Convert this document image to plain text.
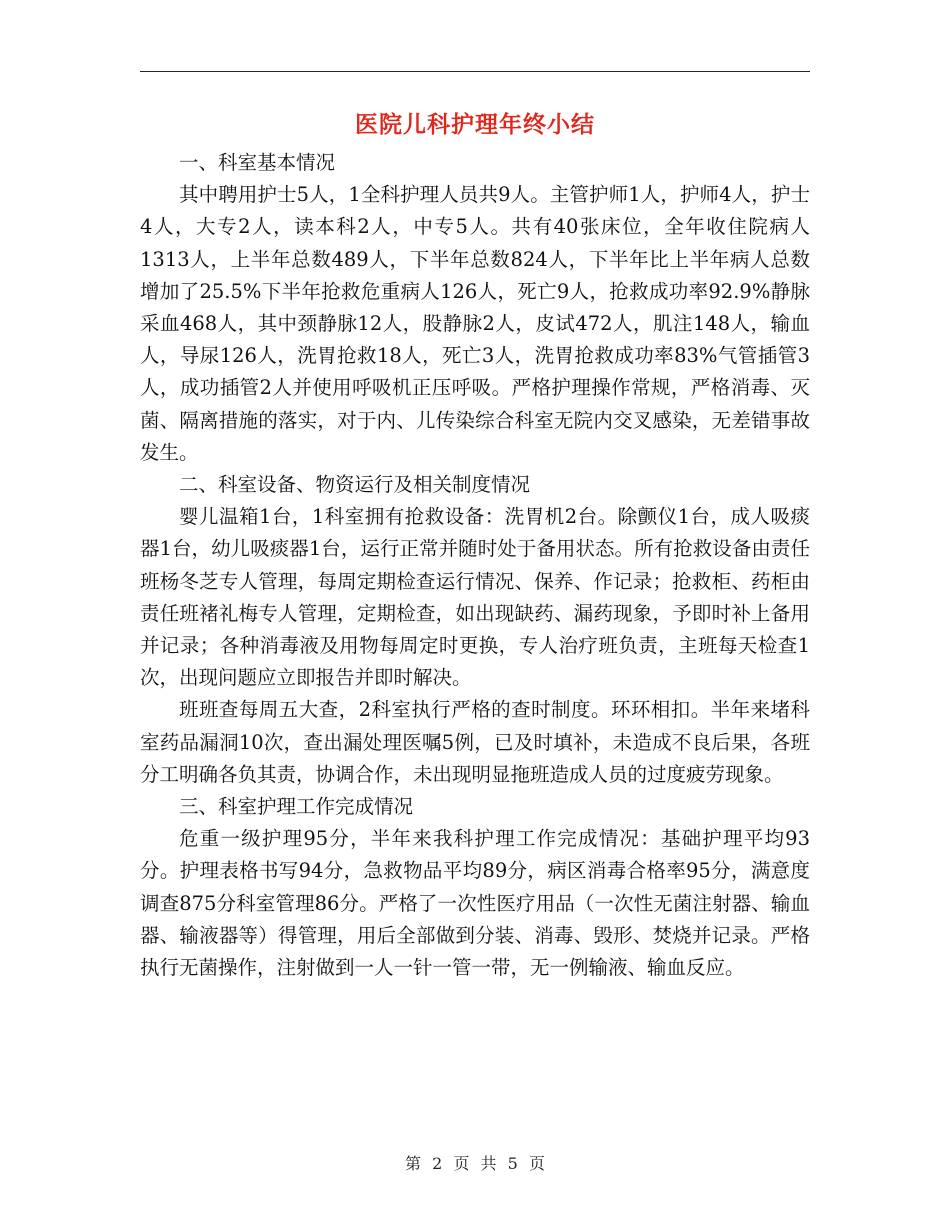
医院儿科护理年终小结

一、科室基本情况

其中聘用护士5人，1全科护理人员共9人。主管护师1人，护师4人，护士4人，大专2人，读本科2人，中专5人。共有40张床位，全年收住院病人1313人，上半年总数489人，下半年总数824人，下半年比上半年病人总数增加了25.5%下半年抢救危重病人126人，死亡9人，抢救成功率92.9%静脉采血468人，其中颈静脉12人，股静脉2人，皮试472人，肌注148人，输血人，导尿126人，洗胃抢救18人，死亡3人，洗胃抢救成功率83%气管插管3人，成功插管2人并使用呼吸机正压呼吸。严格护理操作常规，严格消毒、灭菌、隔离措施的落实，对于内、儿传染综合科室无院内交叉感染，无差错事故发生。

二、科室设备、物资运行及相关制度情况

婴儿温箱1台，1科室拥有抢救设备：洗胃机2台。除颤仪1台，成人吸痰器1台，幼儿吸痰器1台，运行正常并随时处于备用状态。所有抢救设备由责任班杨冬芝专人管理，每周定期检查运行情况、保养、作记录；抢救柜、药柜由责任班褚礼梅专人管理，定期检查，如出现缺药、漏药现象，予即时补上备用并记录；各种消毒液及用物每周定时更换，专人治疗班负责，主班每天检查1次，出现问题应立即报告并即时解决。

班班查每周五大查，2科室执行严格的查时制度。环环相扣。半年来堵科室药品漏洞10次，查出漏处理医嘱5例，已及时填补，未造成不良后果，各班分工明确各负其责，协调合作，未出现明显拖班造成人员的过度疲劳现象。

三、科室护理工作完成情况

危重一级护理95分，半年来我科护理工作完成情况：基础护理平均93分。护理表格书写94分，急救物品平均89分，病区消毒合格率95分，满意度调查875分科室管理86分。严格了一次性医疗用品（一次性无菌注射器、输血器、输液器等）得管理，用后全部做到分装、消毒、毁形、焚烧并记录。严格执行无菌操作，注射做到一人一针一管一带，无一例输液、输血反应。

第 2 页 共 5 页
